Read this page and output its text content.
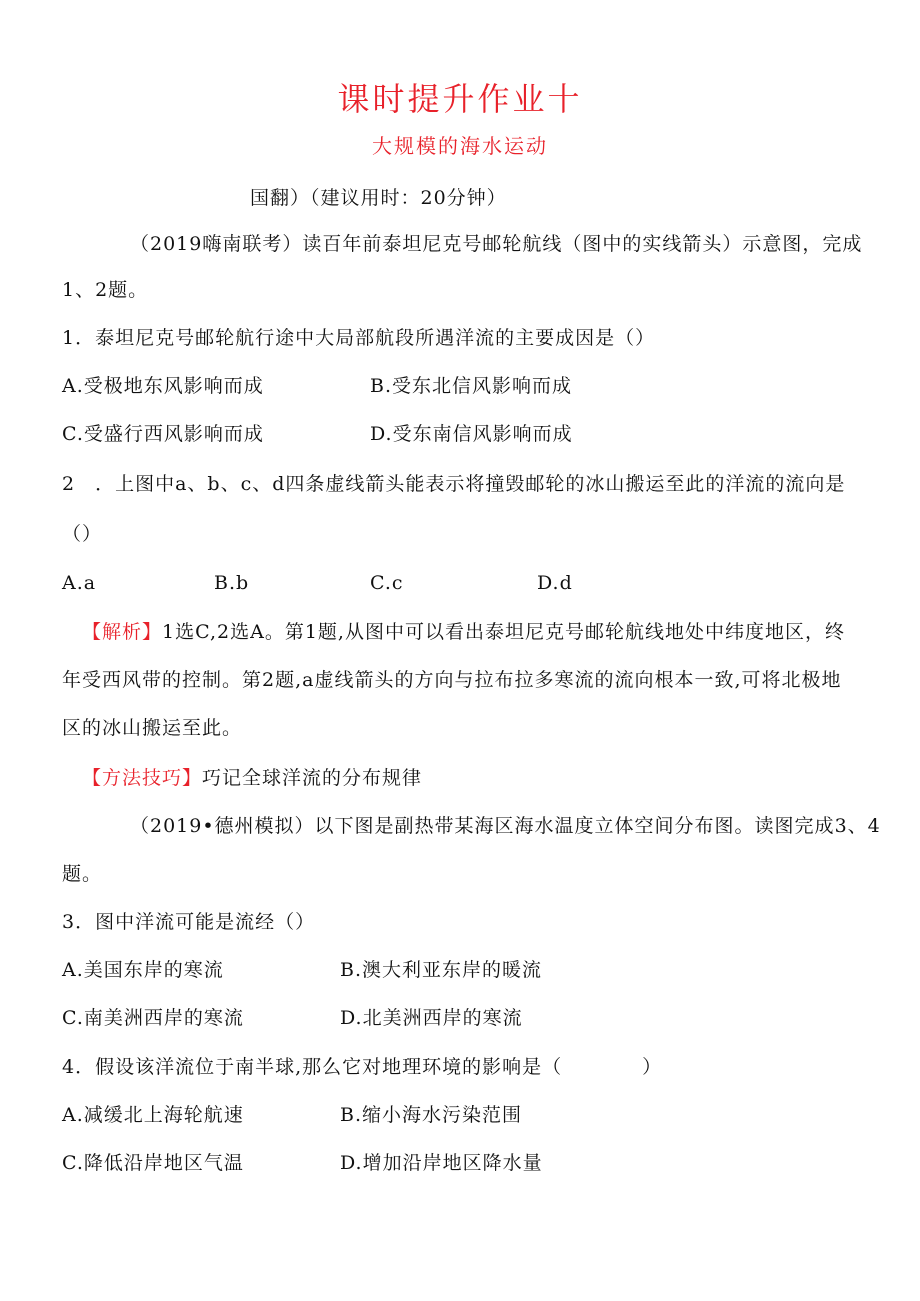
课时提升作业十
大规模的海水运动
国翻）（建议用时：20分钟）
（2019嗨南联考）读百年前泰坦尼克号邮轮航线（图中的实线箭头）示意图，完成
1、2题。
1．泰坦尼克号邮轮航行途中大局部航段所遇洋流的主要成因是（）
A.受极地东风影响而成	B.受东北信风影响而成
C.受盛行西风影响而成	D.受东南信风影响而成
2　．上图中a、b、c、d四条虚线箭头能表示将撞毁邮轮的冰山搬运至此的洋流的流向是
（）
A.a	B.b	C.c	D.d
【解析】1选C,2选A。第1题,从图中可以看出泰坦尼克号邮轮航线地处中纬度地区，终
年受西风带的控制。第2题,a虚线箭头的方向与拉布拉多寒流的流向根本一致,可将北极地
区的冰山搬运至此。
【方法技巧】巧记全球洋流的分布规律
（2019•德州模拟）以下图是副热带某海区海水温度立体空间分布图。读图完成3、4
题。
3．图中洋流可能是流经（）
A.美国东岸的寒流	B.澳大利亚东岸的暖流
C.南美洲西岸的寒流	D.北美洲西岸的寒流
4．假设该洋流位于南半球,那么它对地理环境的影响是（　　　　）
A.减缓北上海轮航速	B.缩小海水污染范围
C.降低沿岸地区气温	D.增加沿岸地区降水量
